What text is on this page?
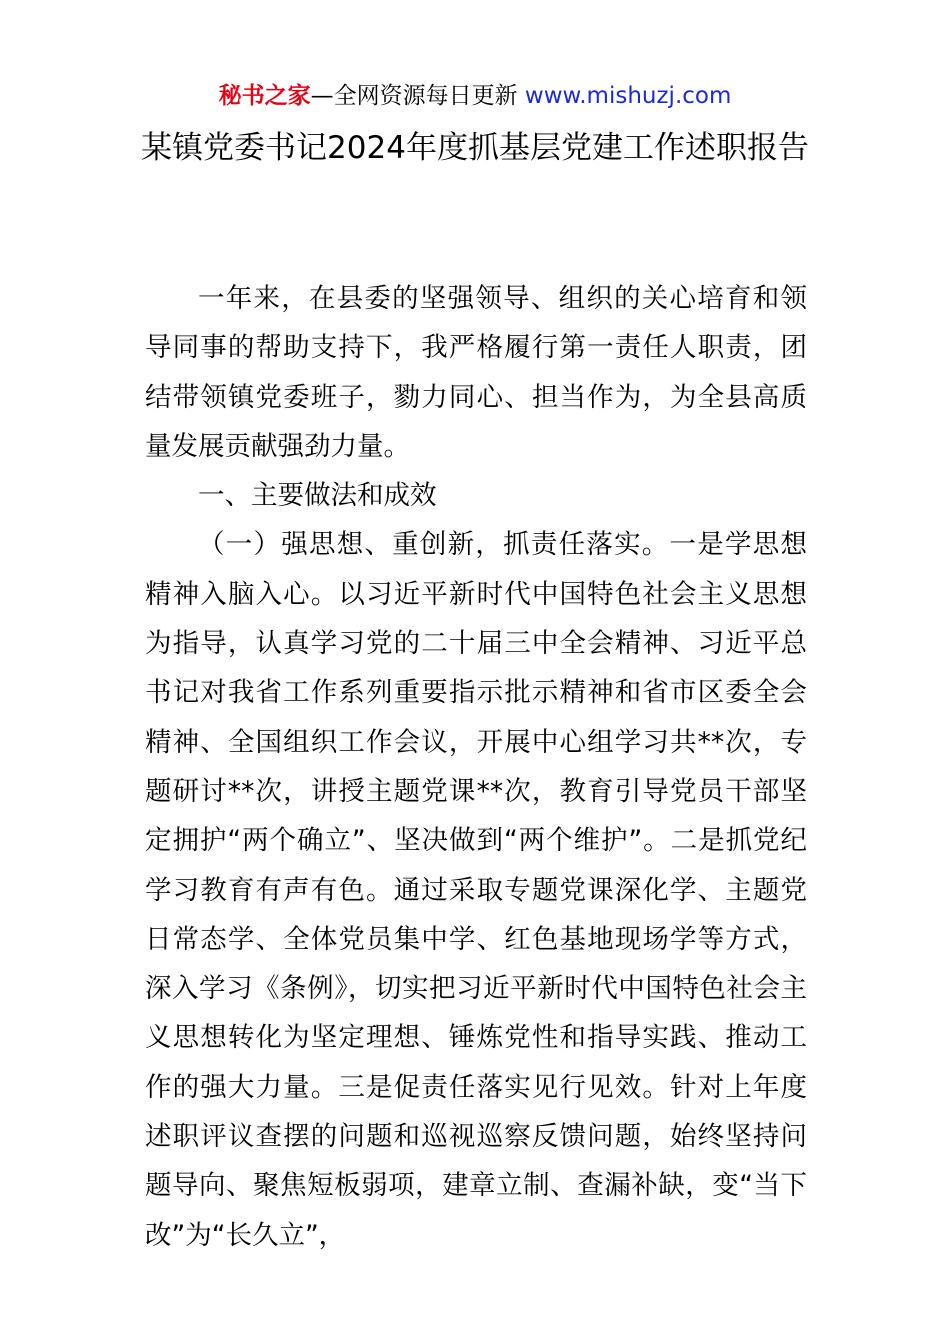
秘书之家—全网资源每日更新 www.mishuzj.com
某镇党委书记2024年度抓基层党建工作述职报告

一年来，在县委的坚强领导、组织的关心培育和领导同事的帮助支持下，我严格履行第一责任人职责，团结带领镇党委班子，勠力同心、担当作为，为全县高质量发展贡献强劲力量。

一、主要做法和成效

（一）强思想、重创新，抓责任落实。一是学思想精神入脑入心。以习近平新时代中国特色社会主义思想为指导，认真学习党的二十届三中全会精神、习近平总书记对我省工作系列重要指示批示精神和省市区委全会精神、全国组织工作会议，开展中心组学习共**次，专题研讨**次，讲授主题党课**次，教育引导党员干部坚定拥护“两个确立”、坚决做到“两个维护”。二是抓党纪学习教育有声有色。通过采取专题党课深化学、主题党日常态学、全体党员集中学、红色基地现场学等方式，深入学习《条例》，切实把习近平新时代中国特色社会主义思想转化为坚定理想、锤炼党性和指导实践、推动工作的强大力量。三是促责任落实见行见效。针对上年度述职评议查摆的问题和巡视巡察反馈问题，始终坚持问题导向、聚焦短板弱项，建章立制、查漏补缺，变“当下改”为“长久立”，
